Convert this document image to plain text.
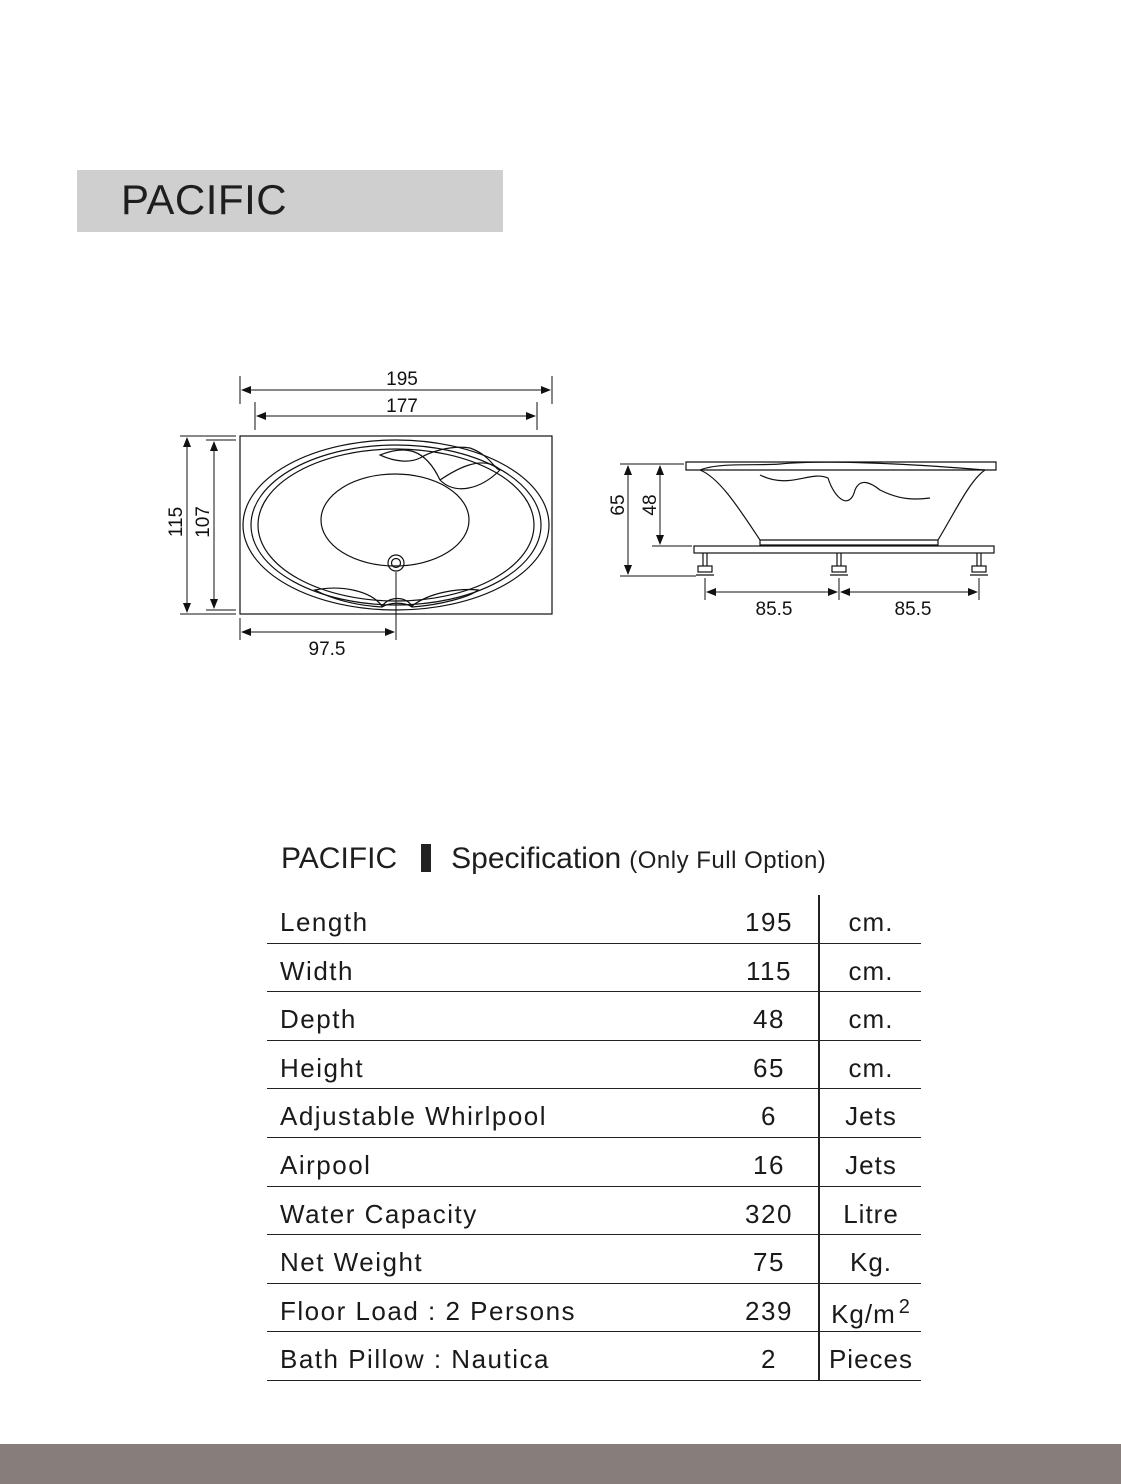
PACIFIC
195
177
115 107
97.5
65 48
85.5	85.5
PACIFIC Specification (Only Full Option)
Length	195	cm.
Width	115	cm.
Depth	48	cm.
Height	65	cm.
Adjustable Whirlpool	6	Jets
Airpool	16	Jets
Water Capacity	320	Litre
Net Weight	75	Kg.
Floor Load : 2 Persons	239	Kg/m $^2$
Bath Pillow : Nautica	2	Pieces
